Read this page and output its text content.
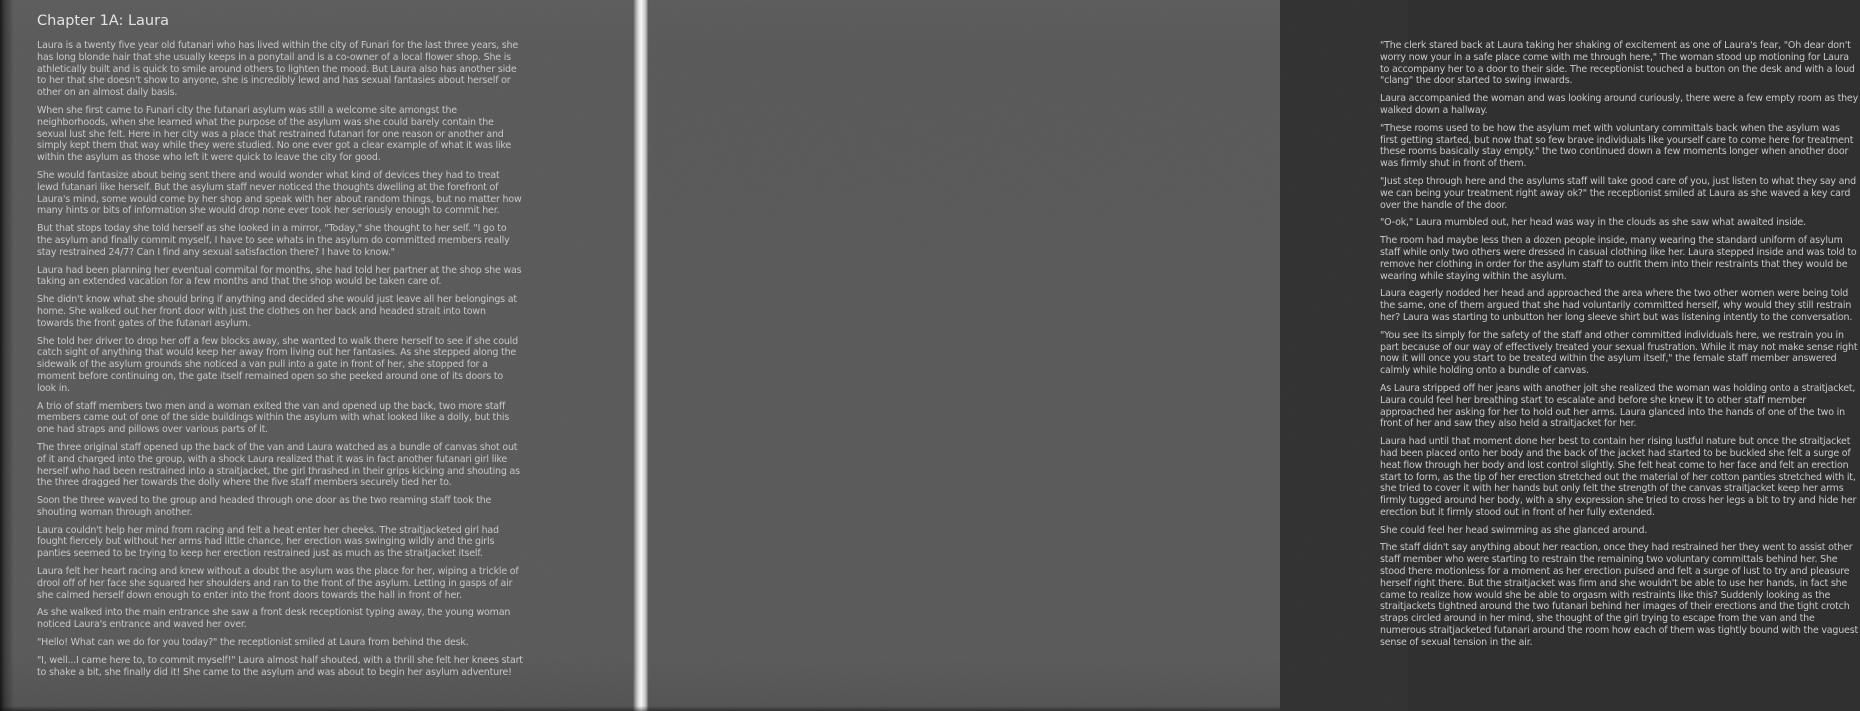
Chapter 1A: Laura

Laura is a twenty five year old futanari who has lived within the city of Funari for the last three years, she has long blonde hair that she usually keeps in a ponytail and is a co-owner of a local flower shop. She is athletically built and is quick to smile around others to lighten the mood. But Laura also has another side to her that she doesn't show to anyone, she is incredibly lewd and has sexual fantasies about herself or other on an almost daily basis.

When she first came to Funari city the futanari asylum was still a welcome site amongst the neighborhoods, when she learned what the purpose of the asylum was she could barely contain the sexual lust she felt. Here in her city was a place that restrained futanari for one reason or another and simply kept them that way while they were studied. No one ever got a clear example of what it was like within the asylum as those who left it were quick to leave the city for good.

She would fantasize about being sent there and would wonder what kind of devices they had to treat lewd futanari like herself. But the asylum staff never noticed the thoughts dwelling at the forefront of Laura's mind, some would come by her shop and speak with her about random things, but no matter how many hints or bits of information she would drop none ever took her seriously enough to commit her.

But that stops today she told herself as she looked in a mirror, "Today," she thought to her self. "I go to the asylum and finally commit myself, I have to see whats in the asylum do committed members really stay restrained 24/7? Can I find any sexual satisfaction there? I have to know."

Laura had been planning her eventual commital for months, she had told her partner at the shop she was taking an extended vacation for a few months and that the shop would be taken care of.

She didn't know what she should bring if anything and decided she would just leave all her belongings at home. She walked out her front door with just the clothes on her back and headed strait into town towards the front gates of the futanari asylum.

She told her driver to drop her off a few blocks away, she wanted to walk there herself to see if she could catch sight of anything that would keep her away from living out her fantasies. As she stepped along the sidewalk of the asylum grounds she noticed a van pull into a gate in front of her, she stopped for a moment before continuing on, the gate itself remained open so she peeked around one of its doors to look in.

A trio of staff members two men and a woman exited the van and opened up the back, two more staff members came out of one of the side buildings within the asylum with what looked like a dolly, but this one had straps and pillows over various parts of it.

The three original staff opened up the back of the van and Laura watched as a bundle of canvas shot out of it and charged into the group, with a shock Laura realized that it was in fact another futanari girl like herself who had been restrained into a straitjacket, the girl thrashed in their grips kicking and shouting as the three dragged her towards the dolly where the five staff members securely tied her to.

Soon the three waved to the group and headed through one door as the two reaming staff took the shouting woman through another.

Laura couldn't help her mind from racing and felt a heat enter her cheeks. The straitjacketed girl had fought fiercely but without her arms had little chance, her erection was swinging wildly and the girls panties seemed to be trying to keep her erection restrained just as much as the straitjacket itself.

Laura felt her heart racing and knew without a doubt the asylum was the place for her, wiping a trickle of drool off of her face she squared her shoulders and ran to the front of the asylum. Letting in gasps of air she calmed herself down enough to enter into the front doors towards the hall in front of her.

As she walked into the main entrance she saw a front desk receptionist typing away, the young woman noticed Laura's entrance and waved her over.

"Hello! What can we do for you today?" the receptionist smiled at Laura from behind the desk.

"I, well...I came here to, to commit myself!" Laura almost half shouted, with a thrill she felt her knees start to shake a bit, she finally did it! She came to the asylum and was about to begin her asylum adventure!

"The clerk stared back at Laura taking her shaking of excitement as one of Laura's fear, "Oh dear don't worry now your in a safe place come with me through here," The woman stood up motioning for Laura to accompany her to a door to their side. The receptionist touched a button on the desk and with a loud "clang" the door started to swing inwards.

Laura accompanied the woman and was looking around curiously, there were a few empty room as they walked down a hallway.

"These rooms used to be how the asylum met with voluntary committals back when the asylum was first getting started, but now that so few brave individuals like yourself care to come here for treatment these rooms basically stay empty." the two continued down a few moments longer when another door was firmly shut in front of them.

"Just step through here and the asylums staff will take good care of you, just listen to what they say and we can being your treatment right away ok?" the receptionist smiled at Laura as she waved a key card over the handle of the door.

"O-ok," Laura mumbled out, her head was way in the clouds as she saw what awaited inside.

The room had maybe less then a dozen people inside, many wearing the standard uniform of asylum staff while only two others were dressed in casual clothing like her. Laura stepped inside and was told to remove her clothing in order for the asylum staff to outfit them into their restraints that they would be wearing while staying within the asylum.

Laura eagerly nodded her head and approached the area where the two other women were being told the same, one of them argued that she had voluntarily committed herself, why would they still restrain her? Laura was starting to unbutton her long sleeve shirt but was listening intently to the conversation.

"You see its simply for the safety of the staff and other committed individuals here, we restrain you in part because of our way of effectively treated your sexual frustration. While it may not make sense right now it will once you start to be treated within the asylum itself," the female staff member answered calmly while holding onto a bundle of canvas.

As Laura stripped off her jeans with another jolt she realized the woman was holding onto a straitjacket, Laura could feel her breathing start to escalate and before she knew it to other staff member approached her asking for her to hold out her arms. Laura glanced into the hands of one of the two in front of her and saw they also held a straitjacket for her.

Laura had until that moment done her best to contain her rising lustful nature but once the straitjacket had been placed onto her body and the back of the jacket had started to be buckled she felt a surge of heat flow through her body and lost control slightly. She felt heat come to her face and felt an erection start to form, as the tip of her erection stretched out the material of her cotton panties stretched with it, she tried to cover it with her hands but only felt the strength of the canvas straitjacket keep her arms firmly tugged around her body, with a shy expression she tried to cross her legs a bit to try and hide her erection but it firmly stood out in front of her fully extended.

She could feel her head swimming as she glanced around.

The staff didn't say anything about her reaction, once they had restrained her they went to assist other staff member who were starting to restrain the remaining two voluntary committals behind her. She stood there motionless for a moment as her erection pulsed and felt a surge of lust to try and pleasure herself right there. But the straitjacket was firm and she wouldn't be able to use her hands, in fact she came to realize how would she be able to orgasm with restraints like this? Suddenly looking as the straitjackets tightned around the two futanari behind her images of their erections and the tight crotch straps circled around in her mind, she thought of the girl trying to escape from the van and the numerous straitjacketed futanari around the room how each of them was tightly bound with the vaguest sense of sexual tension in the air.
